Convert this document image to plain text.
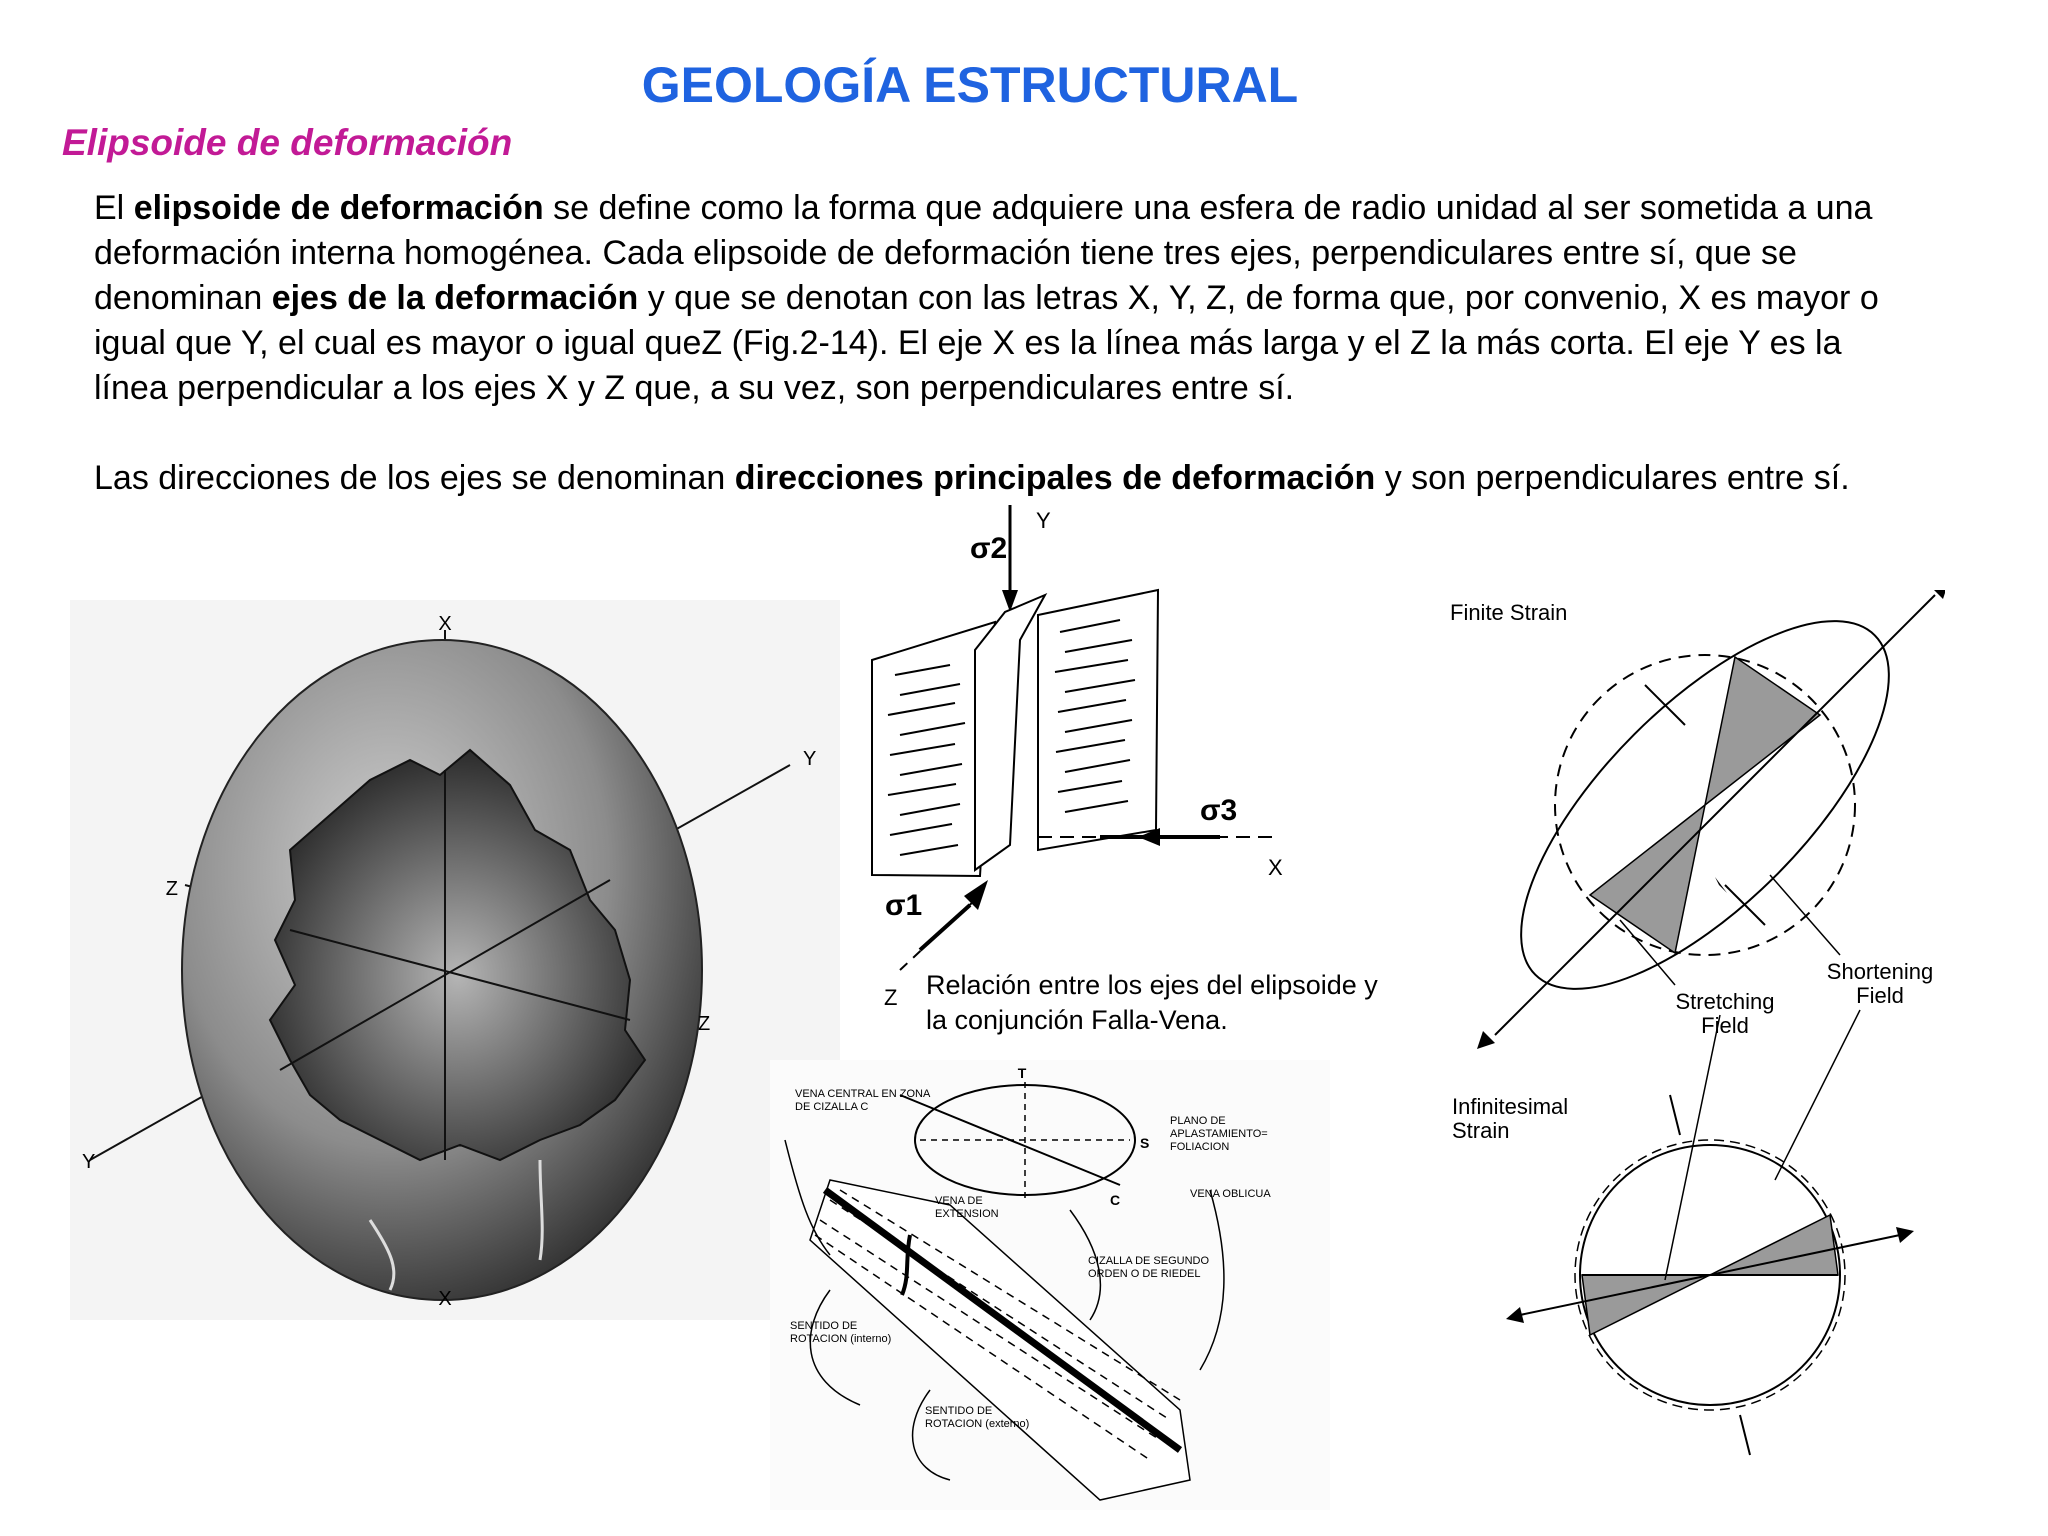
GEOLOGÍA ESTRUCTURAL
Elipsoide de deformación
El elipsoide de deformación se define como la forma que adquiere una esfera de radio unidad al ser sometida a una deformación interna homogénea. Cada elipsoide de deformación tiene tres ejes, perpendiculares entre sí, que se denominan ejes de la deformación y que se denotan con las letras X, Y, Z, de forma que, por convenio, X es mayor o igual que Y, el cual es mayor o igual queZ (Fig.2-14). El eje X es la línea más larga y el Z la más corta. El eje Y es la línea perpendicular a los ejes X y Z que, a su vez, son perpendiculares entre sí.
Las direcciones de los ejes se denominan direcciones principales de deformación y son perpendiculares entre sí.
X
X
Y
Y
Z
Z
σ2
Y
σ3
X
σ1
Z Relación entre los ejes del elipsoide y la conjunción Falla-Vena.
T
S
C
VENA CENTRAL EN ZONA DE CIZALLA C
PLANO DE APLASTAMIENTO= FOLIACION
VENA OBLICUA
VENA DE EXTENSION
CIZALLA DE SEGUNDO ORDEN O DE RIEDEL
SENTIDO DE ROTACION (interno)
SENTIDO DE ROTACION (externo)
Finite Strain
Shortening Field
Stretching Field
Infinitesimal Strain
